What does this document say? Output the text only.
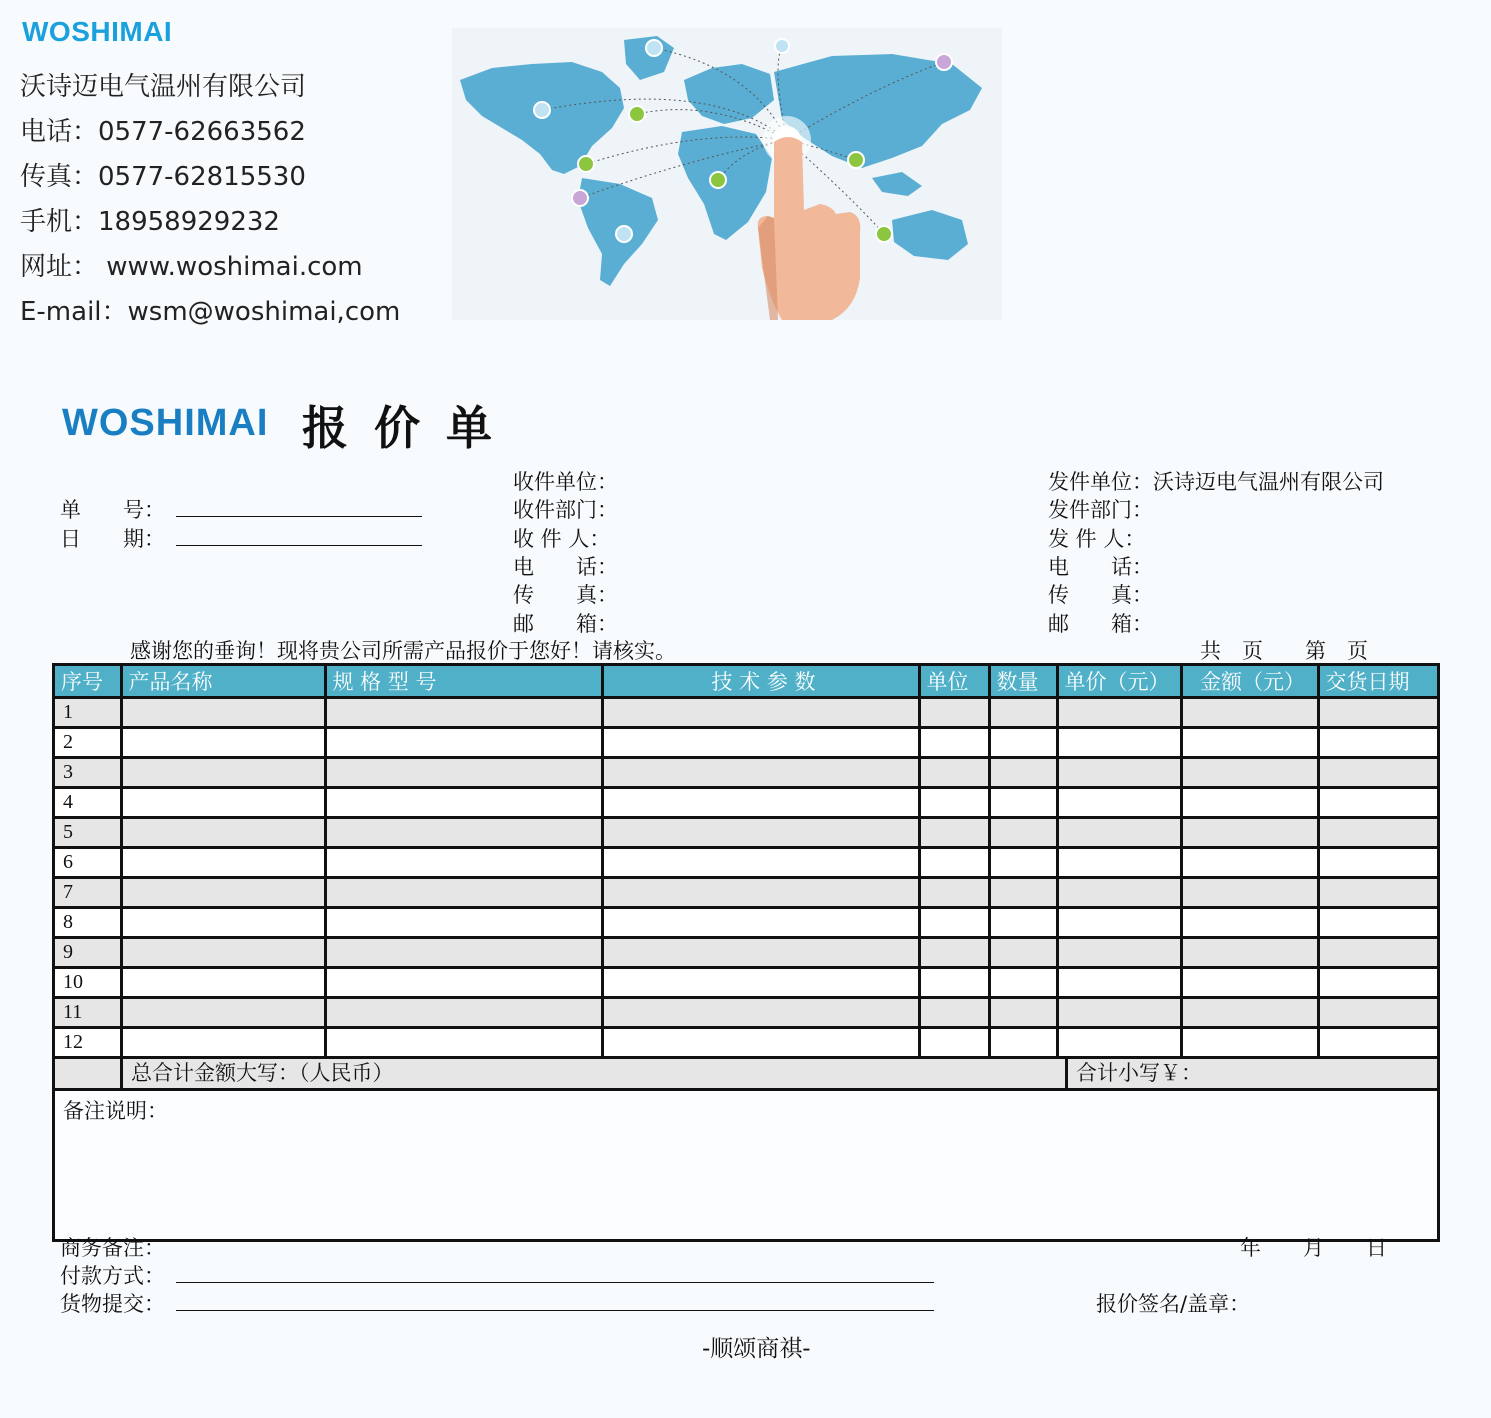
WOSHIMAI
沃诗迈电气温州有限公司
电话：0577-62663562
传真：0577-62815530
手机：18958929232
网址： www.woshimai.com
E-mail：wsm@woshimai,com
WOSHIMAI 报价单
单　　号：
日　　期：
收件单位：
收件部门：
收 件 人：
电　　话：
传　　真：
邮　　箱：
发件单位：沃诗迈电气温州有限公司
发件部门：
发 件 人：
电　　话：
传　　真：
邮　　箱：
感谢您的垂询！现将贵公司所需产品报价于您好！请核实。	共　页　　第　页
序号	产品名称	规 格 型 号	技 术 参 数	单位	数量	单价（元）	金额（元）	交货日期
1								
2								
3								
4								
5								
6								
7								
8								
9								
10								
11								
12								
总合计金额大写：（人民币）	合计小写￥：
备注说明：
商务备注：	年　　月　　日
付款方式：
货物提交：	报价签名/盖章：
-顺颂商祺-
